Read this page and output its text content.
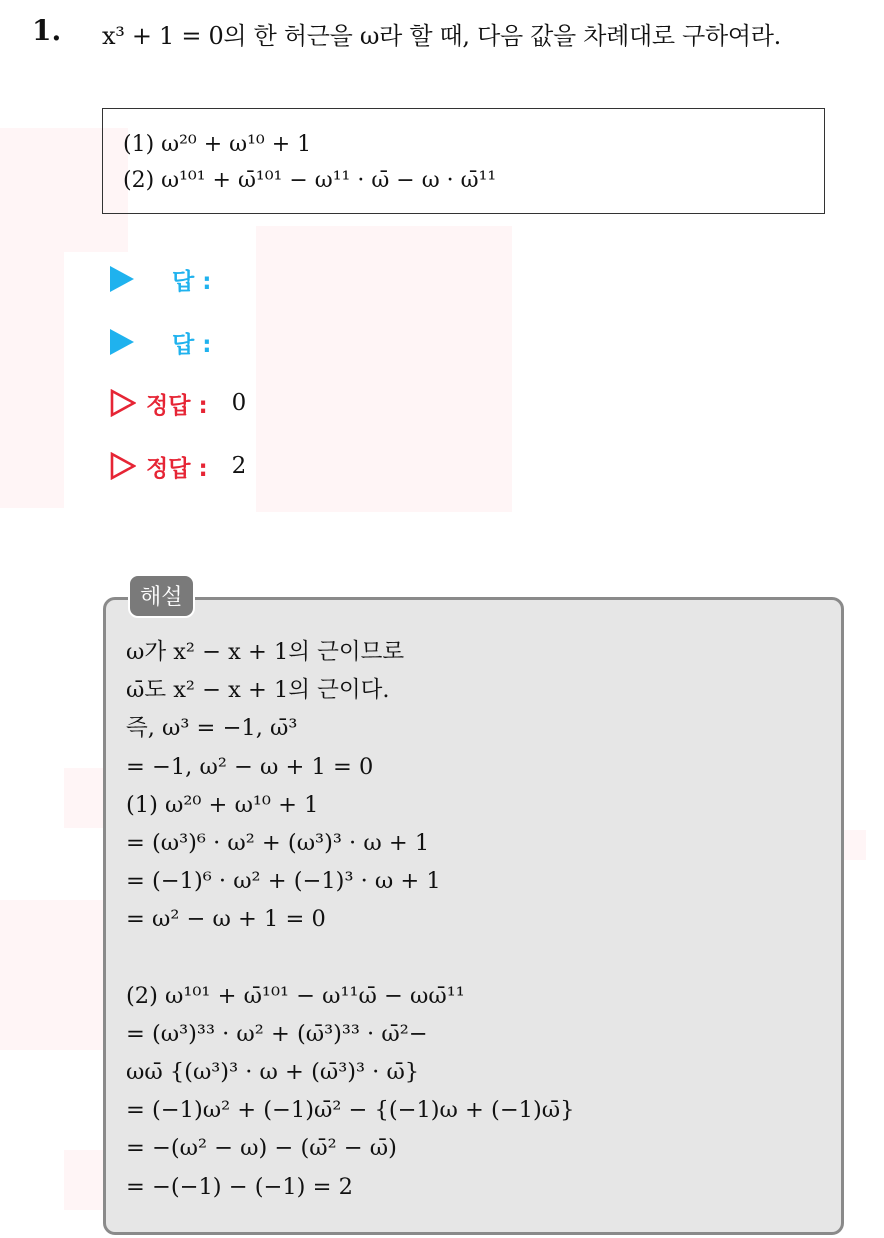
1. x³ + 1 = 0의 한 허근을 ω라 할 때, 다음 값을 차례대로 구하여라.
(1) ω²⁰ + ω¹⁰ + 1
(2) ω¹⁰¹ + ω̄¹⁰¹ − ω¹¹ · ω̄ − ω · ω̄¹¹
답 :
답 :
정답 : 0
정답 : 2
해설
ω가 x² − x + 1의 근이므로
ω̄도 x² − x + 1의 근이다.
즉, ω³ = −1, ω̄³
= −1, ω² − ω + 1 = 0
(1) ω²⁰ + ω¹⁰ + 1
= (ω³)⁶ · ω² + (ω³)³ · ω + 1
= (−1)⁶ · ω² + (−1)³ · ω + 1
= ω² − ω + 1 = 0
(2) ω¹⁰¹ + ω̄¹⁰¹ − ω¹¹ω̄ − ωω̄¹¹
= (ω³)³³ · ω² + (ω̄³)³³ · ω̄²−
ωω̄ {(ω³)³ · ω + (ω̄³)³ · ω̄}
= (−1)ω² + (−1)ω̄² − {(−1)ω + (−1)ω̄}
= −(ω² − ω) − (ω̄² − ω̄)
= −(−1) − (−1) = 2
